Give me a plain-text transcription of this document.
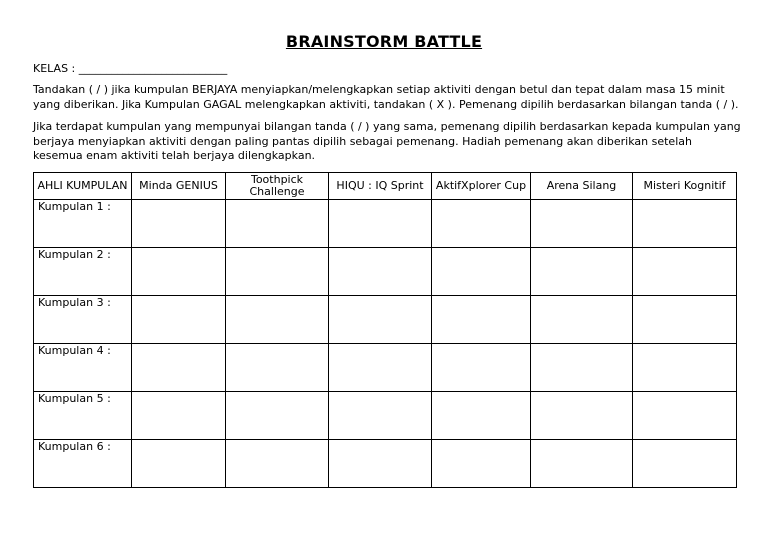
BRAINSTORM BATTLE
KELAS : ___________________________

Tandakan ( / ) jika kumpulan BERJAYA menyiapkan/melengkapkan setiap aktiviti dengan betul dan tepat dalam masa 15 minit yang diberikan. Jika Kumpulan GAGAL melengkapkan aktiviti, tandakan ( X ). Pemenang dipilih berdasarkan bilangan tanda ( / ).

Jika terdapat kumpulan yang mempunyai bilangan tanda ( / ) yang sama, pemenang dipilih berdasarkan kepada kumpulan yang berjaya menyiapkan aktiviti dengan paling pantas dipilih sebagai pemenang. Hadiah pemenang akan diberikan setelah kesemua enam aktiviti telah berjaya dilengkapkan.

AHLI KUMPULAN	Minda GENIUS	Toothpick Challenge	HIQU : IQ Sprint	AktifXplorer Cup	Arena Silang	Misteri Kognitif
Kumpulan 1 :						
Kumpulan 2 :						
Kumpulan 3 :						
Kumpulan 4 :						
Kumpulan 5 :						
Kumpulan 6 :						
